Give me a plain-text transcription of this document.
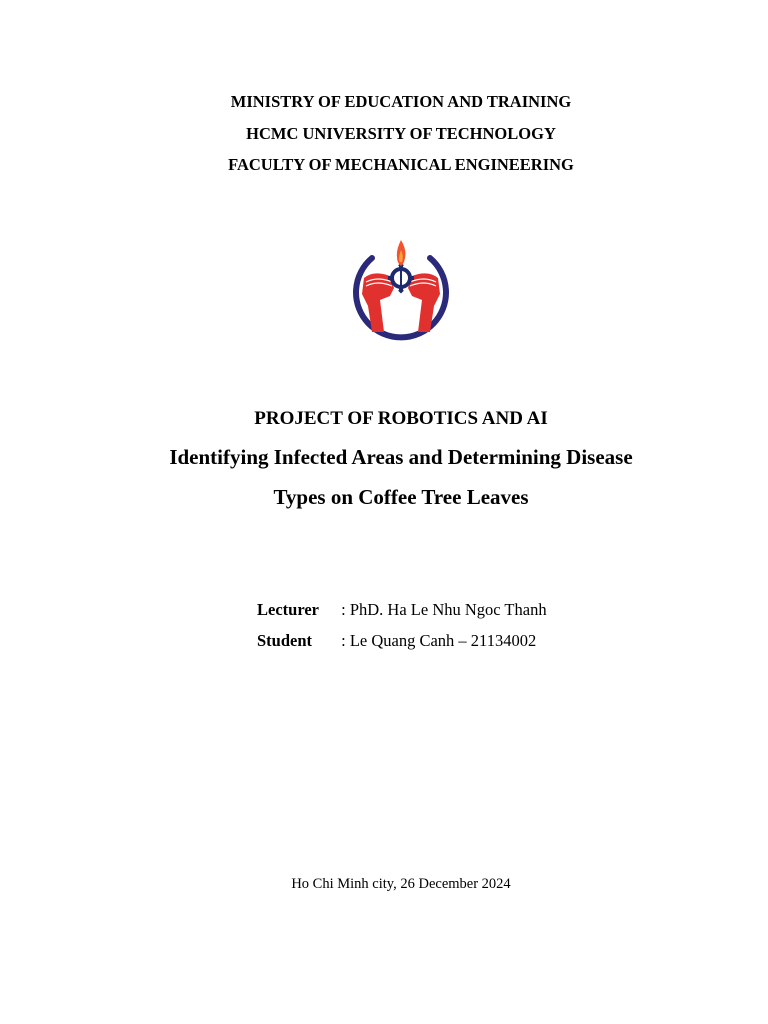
MINISTRY OF EDUCATION AND TRAINING
HCMC UNIVERSITY OF TECHNOLOGY
FACULTY OF MECHANICAL ENGINEERING
PROJECT OF ROBOTICS AND AI
Identifying Infected Areas and Determining Disease
Types on Coffee Tree Leaves
Lecturer : PhD. Ha Le Nhu Ngoc Thanh
Student : Le Quang Canh – 21134002
Ho Chi Minh city, 26 December 2024
